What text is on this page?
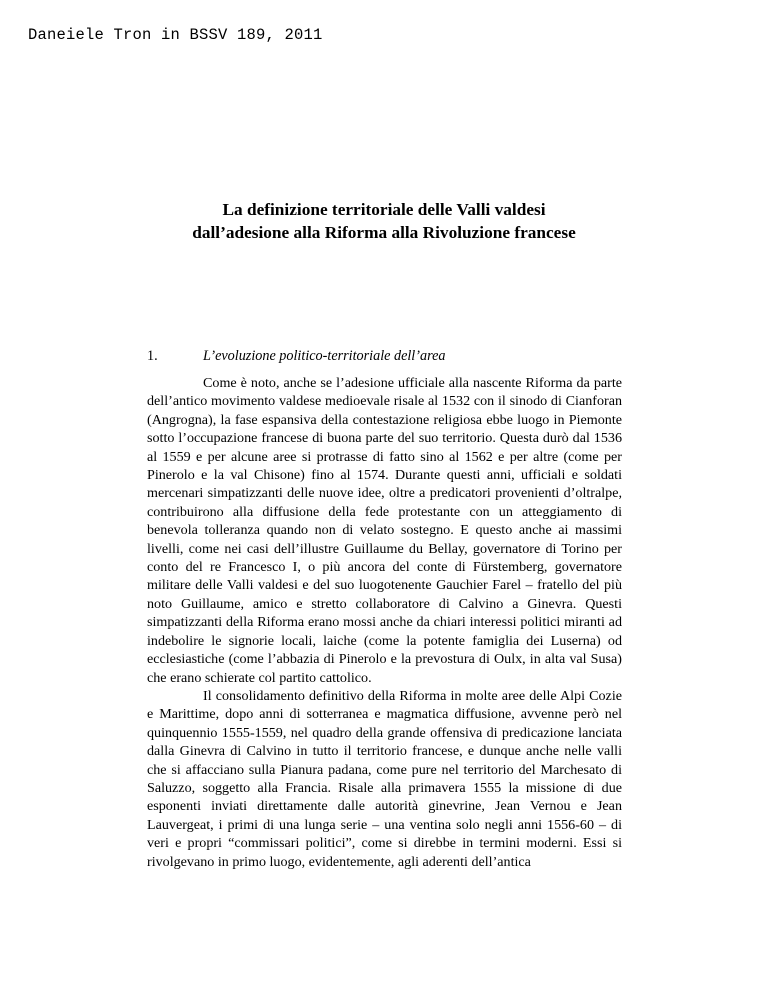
Daneiele Tron in BSSV 189, 2011
La definizione territoriale delle Valli valdesi
dall’adesione alla Riforma alla Rivoluzione francese
1.	L’evoluzione politico-territoriale dell’area

Come è noto, anche se l’adesione ufficiale alla nascente Riforma da parte dell’antico movimento valdese medioevale risale al 1532 con il sinodo di Cianforan (Angrogna), la fase espansiva della contestazione religiosa ebbe luogo in Piemonte sotto l’occupazione francese di buona parte del suo territorio. Questa durò dal 1536 al 1559 e per alcune aree si protrasse di fatto sino al 1562 e per altre (come per Pinerolo e la val Chisone) fino al 1574. Durante questi anni, ufficiali e soldati mercenari simpatizzanti delle nuove idee, oltre a predicatori provenienti d’oltralpe, contribuirono alla diffusione della fede protestante con un atteggiamento di benevola tolleranza quando non di velato sostegno. E questo anche ai massimi livelli, come nei casi dell’illustre Guillaume du Bellay, governatore di Torino per conto del re Francesco I, o più ancora del conte di Fürstemberg, governatore militare delle Valli valdesi e del suo luogotenente Gauchier Farel – fratello del più noto Guillaume, amico e stretto collaboratore di Calvino a Ginevra. Questi simpatizzanti della Riforma erano mossi anche da chiari interessi politici miranti ad indebolire le signorie locali, laiche (come la potente famiglia dei Luserna) od ecclesiastiche (come l’abbazia di Pinerolo e la prevostura di Oulx, in alta val Susa) che erano schierate col partito cattolico.

Il consolidamento definitivo della Riforma in molte aree delle Alpi Cozie e Marittime, dopo anni di sotterranea e magmatica diffusione, avvenne però nel quinquennio 1555-1559, nel quadro della grande offensiva di predicazione lanciata dalla Ginevra di Calvino in tutto il territorio francese, e dunque anche nelle valli che si affacciano sulla Pianura padana, come pure nel territorio del Marchesato di Saluzzo, soggetto alla Francia. Risale alla primavera 1555 la missione di due esponenti inviati direttamente dalle autorità ginevrine, Jean Vernou e Jean Lauvergeat, i primi di una lunga serie – una ventina solo negli anni 1556-60 – di veri e propri “commissari politici”, come si direbbe in termini moderni. Essi si rivolgevano in primo luogo, evidentemente, agli aderenti dell’antica
